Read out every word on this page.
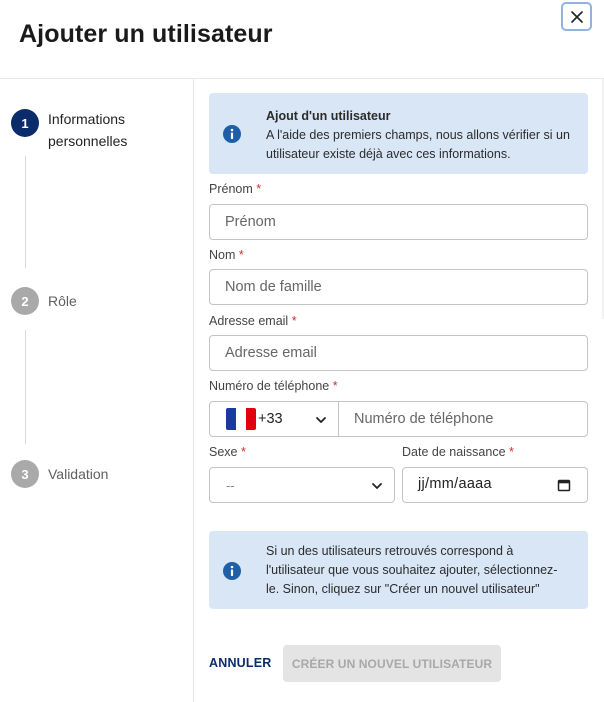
Ajouter un utilisateur
1	Informations personnelles
2	Rôle
3	Validation
Ajout d'un utilisateur
A l'aide des premiers champs, nous allons vérifier si un utilisateur existe déjà avec ces informations.
Prénom *
Prénom
Nom *
Nom de famille
Adresse email *
Adresse email
Numéro de téléphone *
+33
Numéro de téléphone
Sexe *
--
Date de naissance *
jj/mm/aaaa
Si un des utilisateurs retrouvés correspond à l'utilisateur que vous souhaitez ajouter, sélectionnez-le. Sinon, cliquez sur "Créer un nouvel utilisateur"
ANNULER	CRÉER UN NOUVEL UTILISATEUR
